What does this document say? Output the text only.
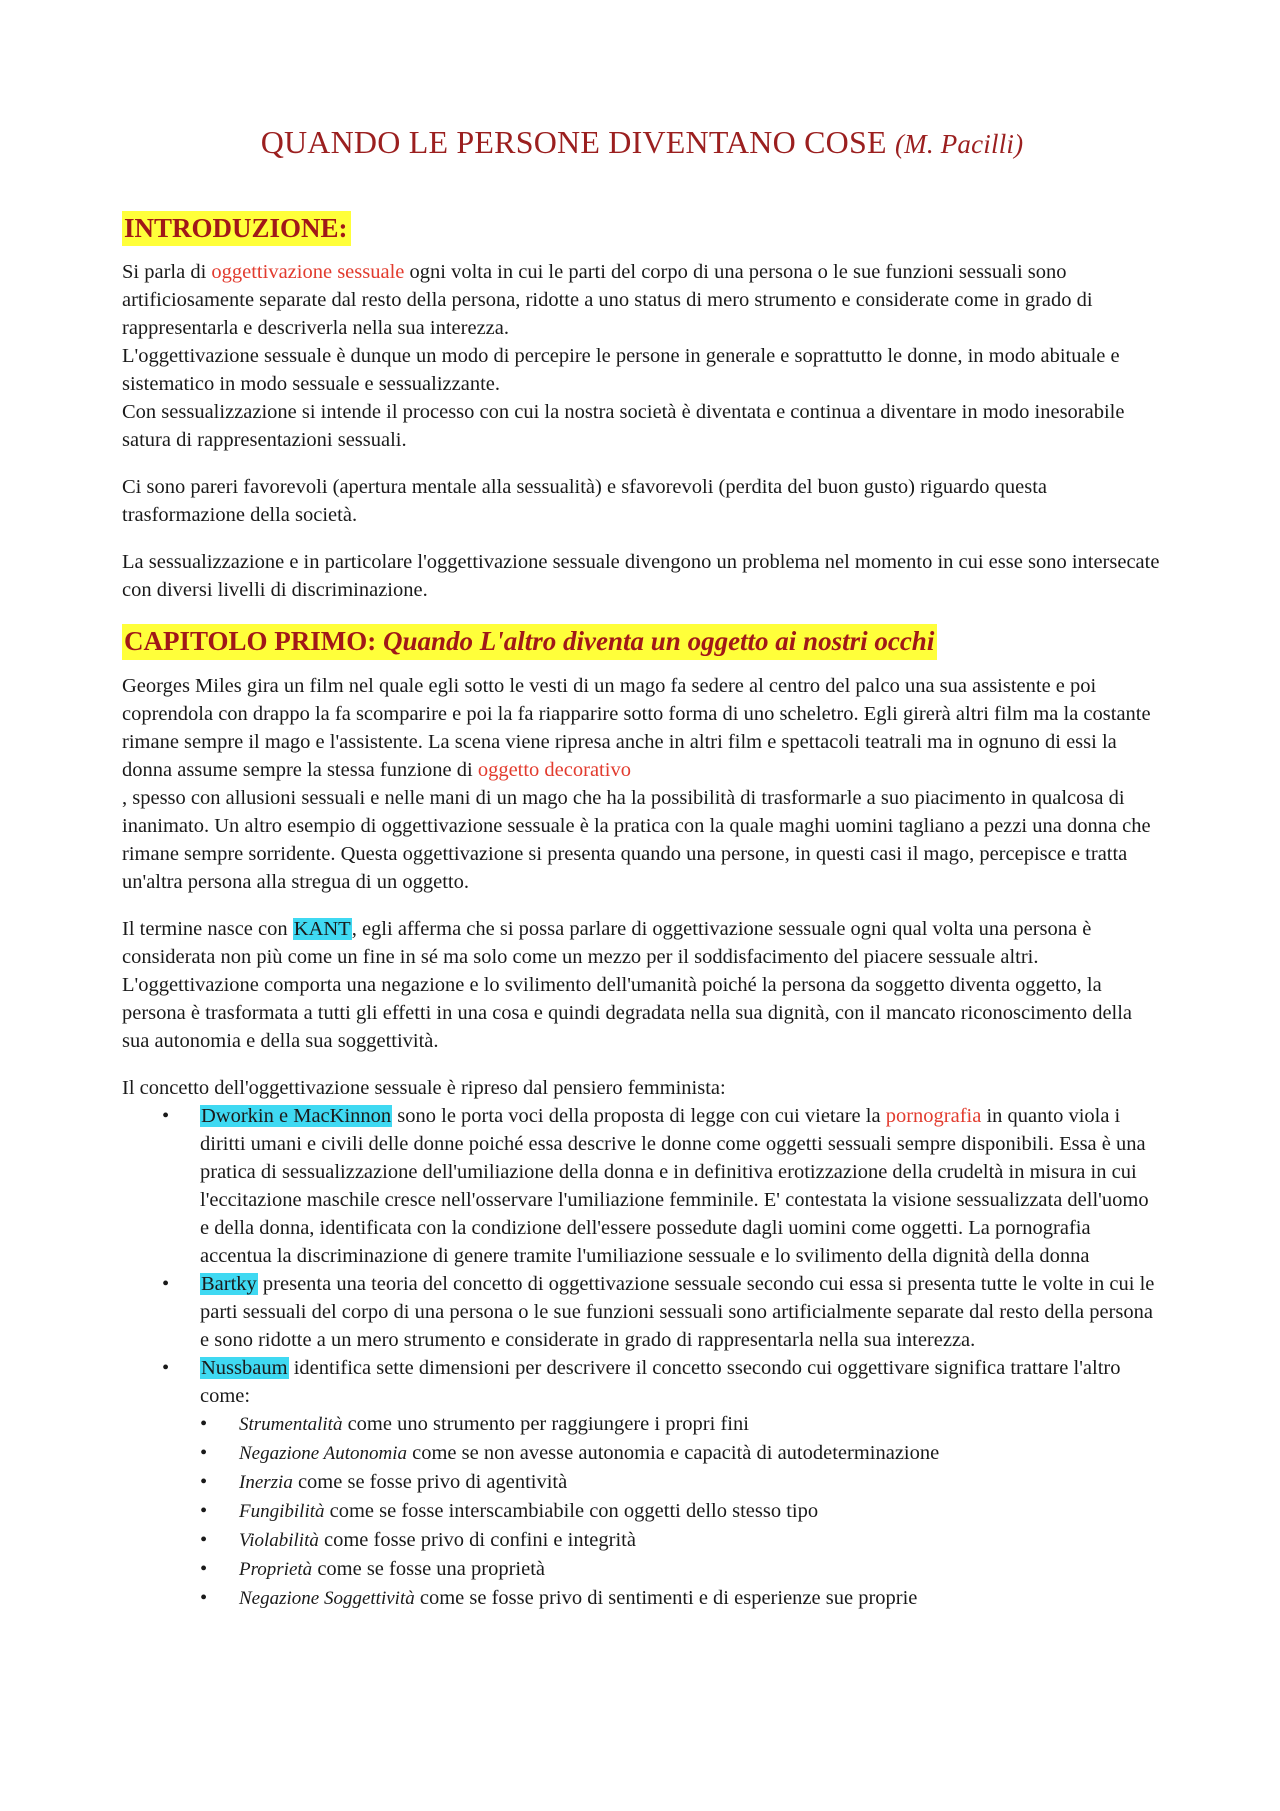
QUANDO LE PERSONE DIVENTANO COSE (M. Pacilli)
INTRODUZIONE:

Si parla di oggettivazione sessuale ogni volta in cui le parti del corpo di una persona o le sue funzioni sessuali sono artificiosamente separate dal resto della persona, ridotte a uno status di mero strumento e considerate come in grado di rappresentarla e descriverla nella sua interezza.

L'oggettivazione sessuale è dunque un modo di percepire le persone in generale e soprattutto le donne, in modo abituale e sistematico in modo sessuale e sessualizzante.

Con sessualizzazione si intende il processo con cui la nostra società è diventata e continua a diventare in modo inesorabile satura di rappresentazioni sessuali.

Ci sono pareri favorevoli (apertura mentale alla sessualità) e sfavorevoli (perdita del buon gusto) riguardo questa trasformazione della società.

La sessualizzazione e in particolare l'oggettivazione sessuale divengono un problema nel momento in cui esse sono intersecate con diversi livelli di discriminazione.

CAPITOLO PRIMO: Quando L'altro diventa un oggetto ai nostri occhi

Georges Miles gira un film nel quale egli sotto le vesti di un mago fa sedere al centro del palco una sua assistente e poi coprendola con drappo la fa scomparire e poi la fa riapparire sotto forma di uno scheletro. Egli girerà altri film ma la costante rimane sempre il mago e l'assistente. La scena viene ripresa anche in altri film e spettacoli teatrali ma in ognuno di essi la donna assume sempre la stessa funzione di oggetto decorativo
, spesso con allusioni sessuali e nelle mani di un mago che ha la possibilità di trasformarle a suo piacimento in qualcosa di inanimato. Un altro esempio di oggettivazione sessuale è la pratica con la quale maghi uomini tagliano a pezzi una donna che rimane sempre sorridente. Questa oggettivazione si presenta quando una persone, in questi casi il mago, percepisce e tratta un'altra persona alla stregua di un oggetto.

Il termine nasce con KANT, egli afferma che si possa parlare di oggettivazione sessuale ogni qual volta una persona è considerata non più come un fine in sé ma solo come un mezzo per il soddisfacimento del piacere sessuale altri.

L'oggettivazione comporta una negazione e lo svilimento dell'umanità poiché la persona da soggetto diventa oggetto, la persona è trasformata a tutti gli effetti in una cosa e quindi degradata nella sua dignità, con il mancato riconoscimento della sua autonomia e della sua soggettività.

Il concetto dell'oggettivazione sessuale è ripreso dal pensiero femminista:

• Dworkin e MacKinnon sono le porta voci della proposta di legge con cui vietare la pornografia in quanto viola i diritti umani e civili delle donne poiché essa descrive le donne come oggetti sessuali sempre disponibili. Essa è una pratica di sessualizzazione dell'umiliazione della donna e in definitiva erotizzazione della crudeltà in misura in cui l'eccitazione maschile cresce nell'osservare l'umiliazione femminile. E' contestata la visione sessualizzata dell'uomo e della donna, identificata con la condizione dell'essere possedute dagli uomini come oggetti. La pornografia accentua la discriminazione di genere tramite l'umiliazione sessuale e lo svilimento della dignità della donna
• Bartky presenta una teoria del concetto di oggettivazione sessuale secondo cui essa si presenta tutte le volte in cui le parti sessuali del corpo di una persona o le sue funzioni sessuali sono artificialmente separate dal resto della persona e sono ridotte a un mero strumento e considerate in grado di rappresentarla nella sua interezza.
• Nussbaum identifica sette dimensioni per descrivere il concetto ssecondo cui oggettivare significa trattare l'altro come:
• Strumentalità come uno strumento per raggiungere i propri fini
• Negazione Autonomia come se non avesse autonomia e capacità di autodeterminazione
• Inerzia come se fosse privo di agentività
• Fungibilità come se fosse interscambiabile con oggetti dello stesso tipo
• Violabilità come fosse privo di confini e integrità
• Proprietà come se fosse una proprietà
• Negazione Soggettività come se fosse privo di sentimenti e di esperienze sue proprie
